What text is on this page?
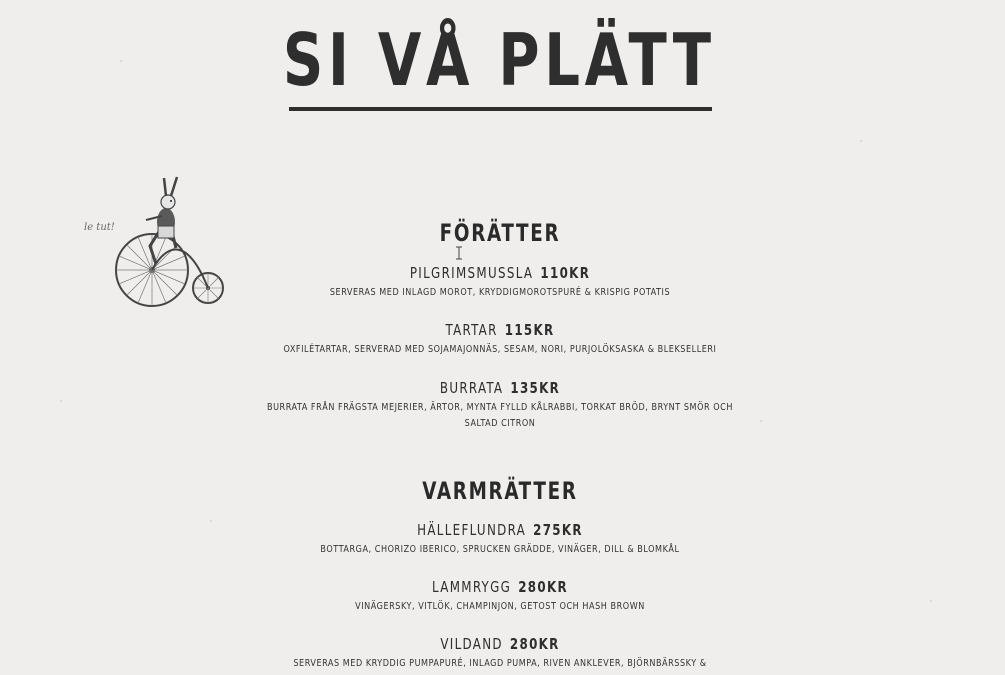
SI VÅ PLÄTT
le tut!	FÖRÄTTER
PILGRIMSMUSSLA 110KR
SERVERAS MED INLAGD MOROT, KRYDDIGMOROTSPURÉ & KRISPIG POTATIS
TARTAR 115KR
OXFILÉTARTAR, SERVERAD MED SOJAMAJONNÄS, SESAM, NORI, PURJOLÖKSASKA & BLEKSELLERI
BURRATA 135KR
BURRATA FRÅN FRÄGSTA MEJERIER, ÄRTOR, MYNTA FYLLD KÅLRABBI, TORKAT BRÖD, BRYNT SMÖR OCH
SALTAD CITRON
VARMRÄTTER
HÄLLEFLUNDRA 275KR
BOTTARGA, CHORIZO IBERICO, SPRUCKEN GRÄDDE, VINÄGER, DILL & BLOMKÅL
LAMMRYGG 280KR
VINÄGERSKY, VITLÖK, CHAMPINJON, GETOST OCH HASH BROWN
VILDAND 280KR
SERVERAS MED KRYDDIG PUMPAPURÉ, INLAGD PUMPA, RIVEN ANKLEVER, BJÖRNBÄRSSKY &
